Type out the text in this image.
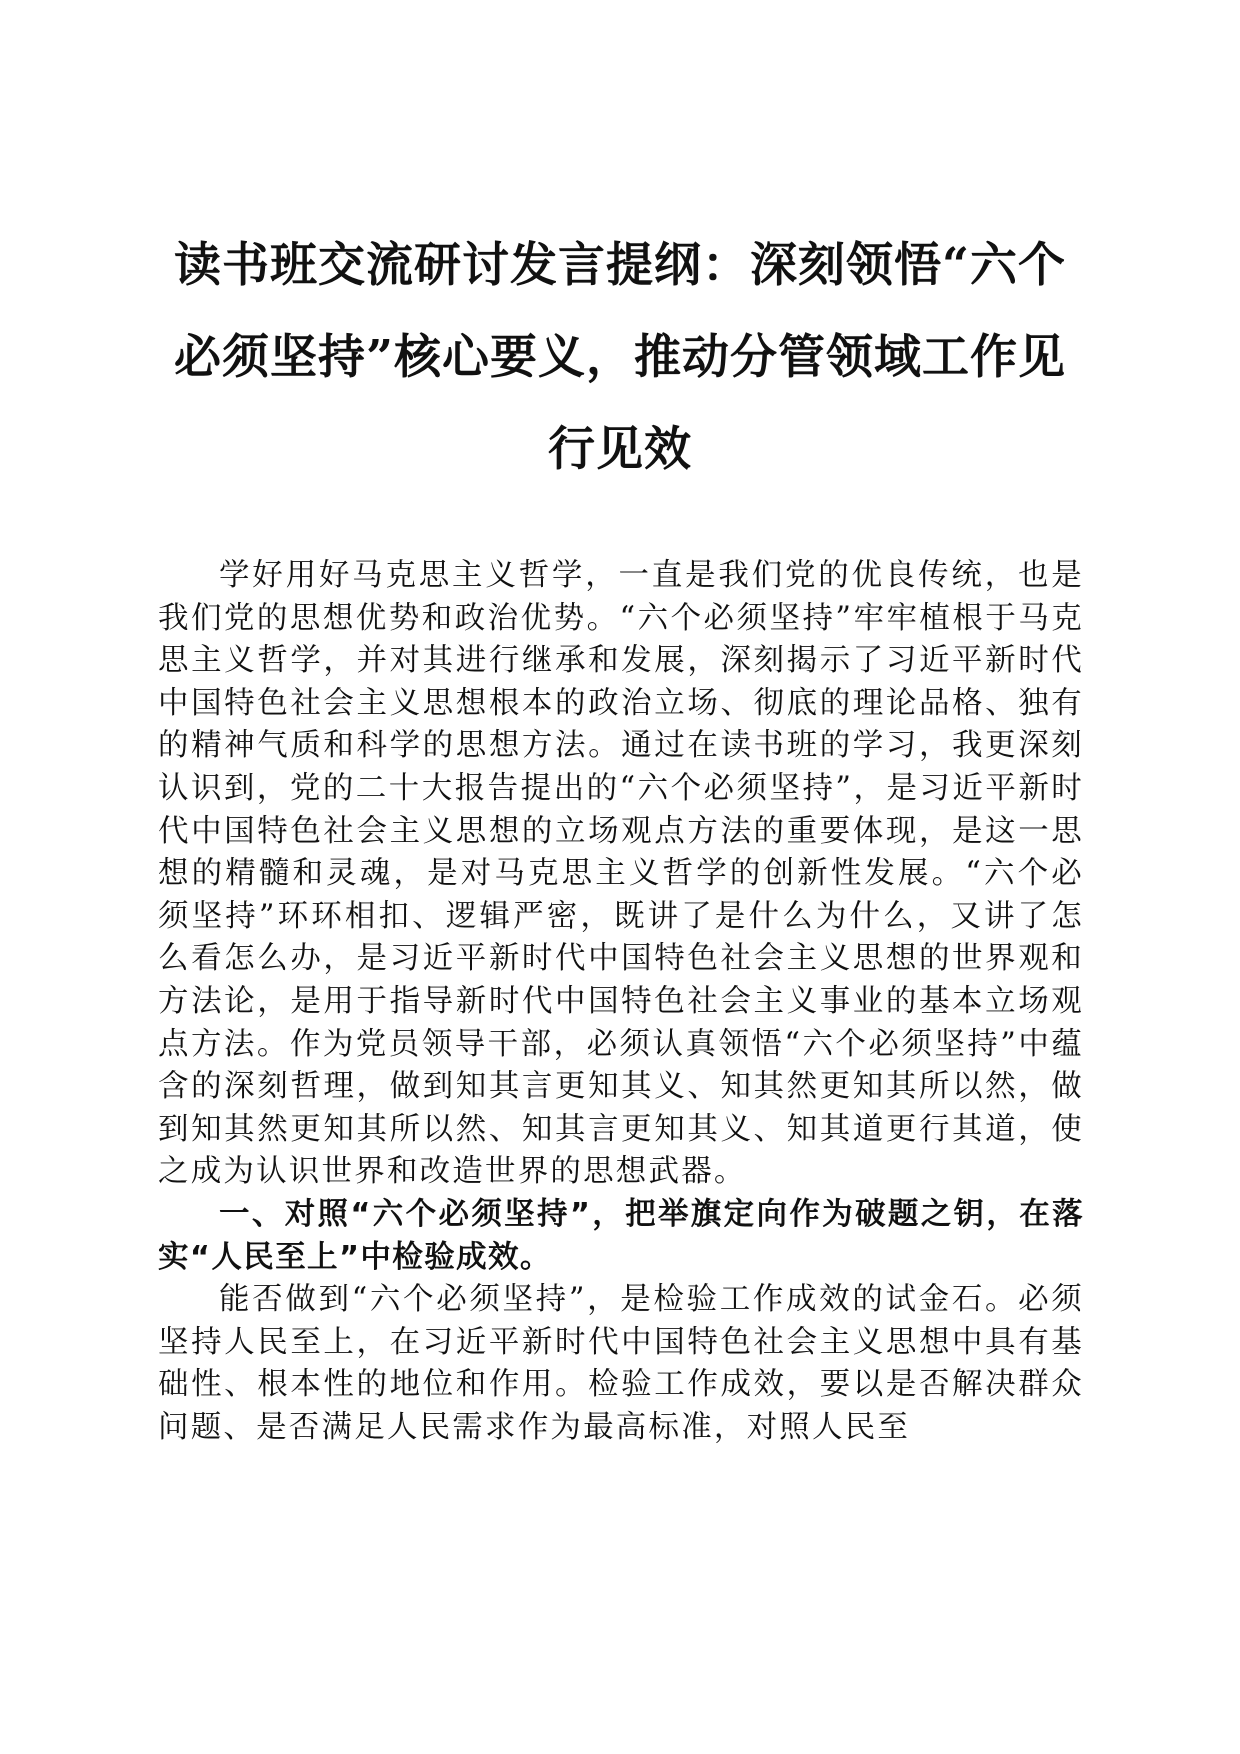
读书班交流研讨发言提纲：深刻领悟“六个必须坚持”核心要义，推动分管领域工作见行见效

学好用好马克思主义哲学，一直是我们党的优良传统，也是我们党的思想优势和政治优势。“六个必须坚持”牢牢植根于马克思主义哲学，并对其进行继承和发展，深刻揭示了习近平新时代中国特色社会主义思想根本的政治立场、彻底的理论品格、独有的精神气质和科学的思想方法。通过在读书班的学习，我更深刻认识到，党的二十大报告提出的“六个必须坚持”，是习近平新时代中国特色社会主义思想的立场观点方法的重要体现，是这一思想的精髓和灵魂，是对马克思主义哲学的创新性发展。“六个必须坚持”环环相扣、逻辑严密，既讲了是什么为什么，又讲了怎么看怎么办，是习近平新时代中国特色社会主义思想的世界观和方法论，是用于指导新时代中国特色社会主义事业的基本立场观点方法。作为党员领导干部，必须认真领悟“六个必须坚持”中蕴含的深刻哲理，做到知其言更知其义、知其然更知其所以然，做到知其然更知其所以然、知其言更知其义、知其道更行其道，使之成为认识世界和改造世界的思想武器。

一、对照“六个必须坚持”，把举旗定向作为破题之钥，在落实“人民至上”中检验成效。

能否做到“六个必须坚持”，是检验工作成效的试金石。必须坚持人民至上，在习近平新时代中国特色社会主义思想中具有基础性、根本性的地位和作用。检验工作成效，要以是否解决群众问题、是否满足人民需求作为最高标准，对照人民至
